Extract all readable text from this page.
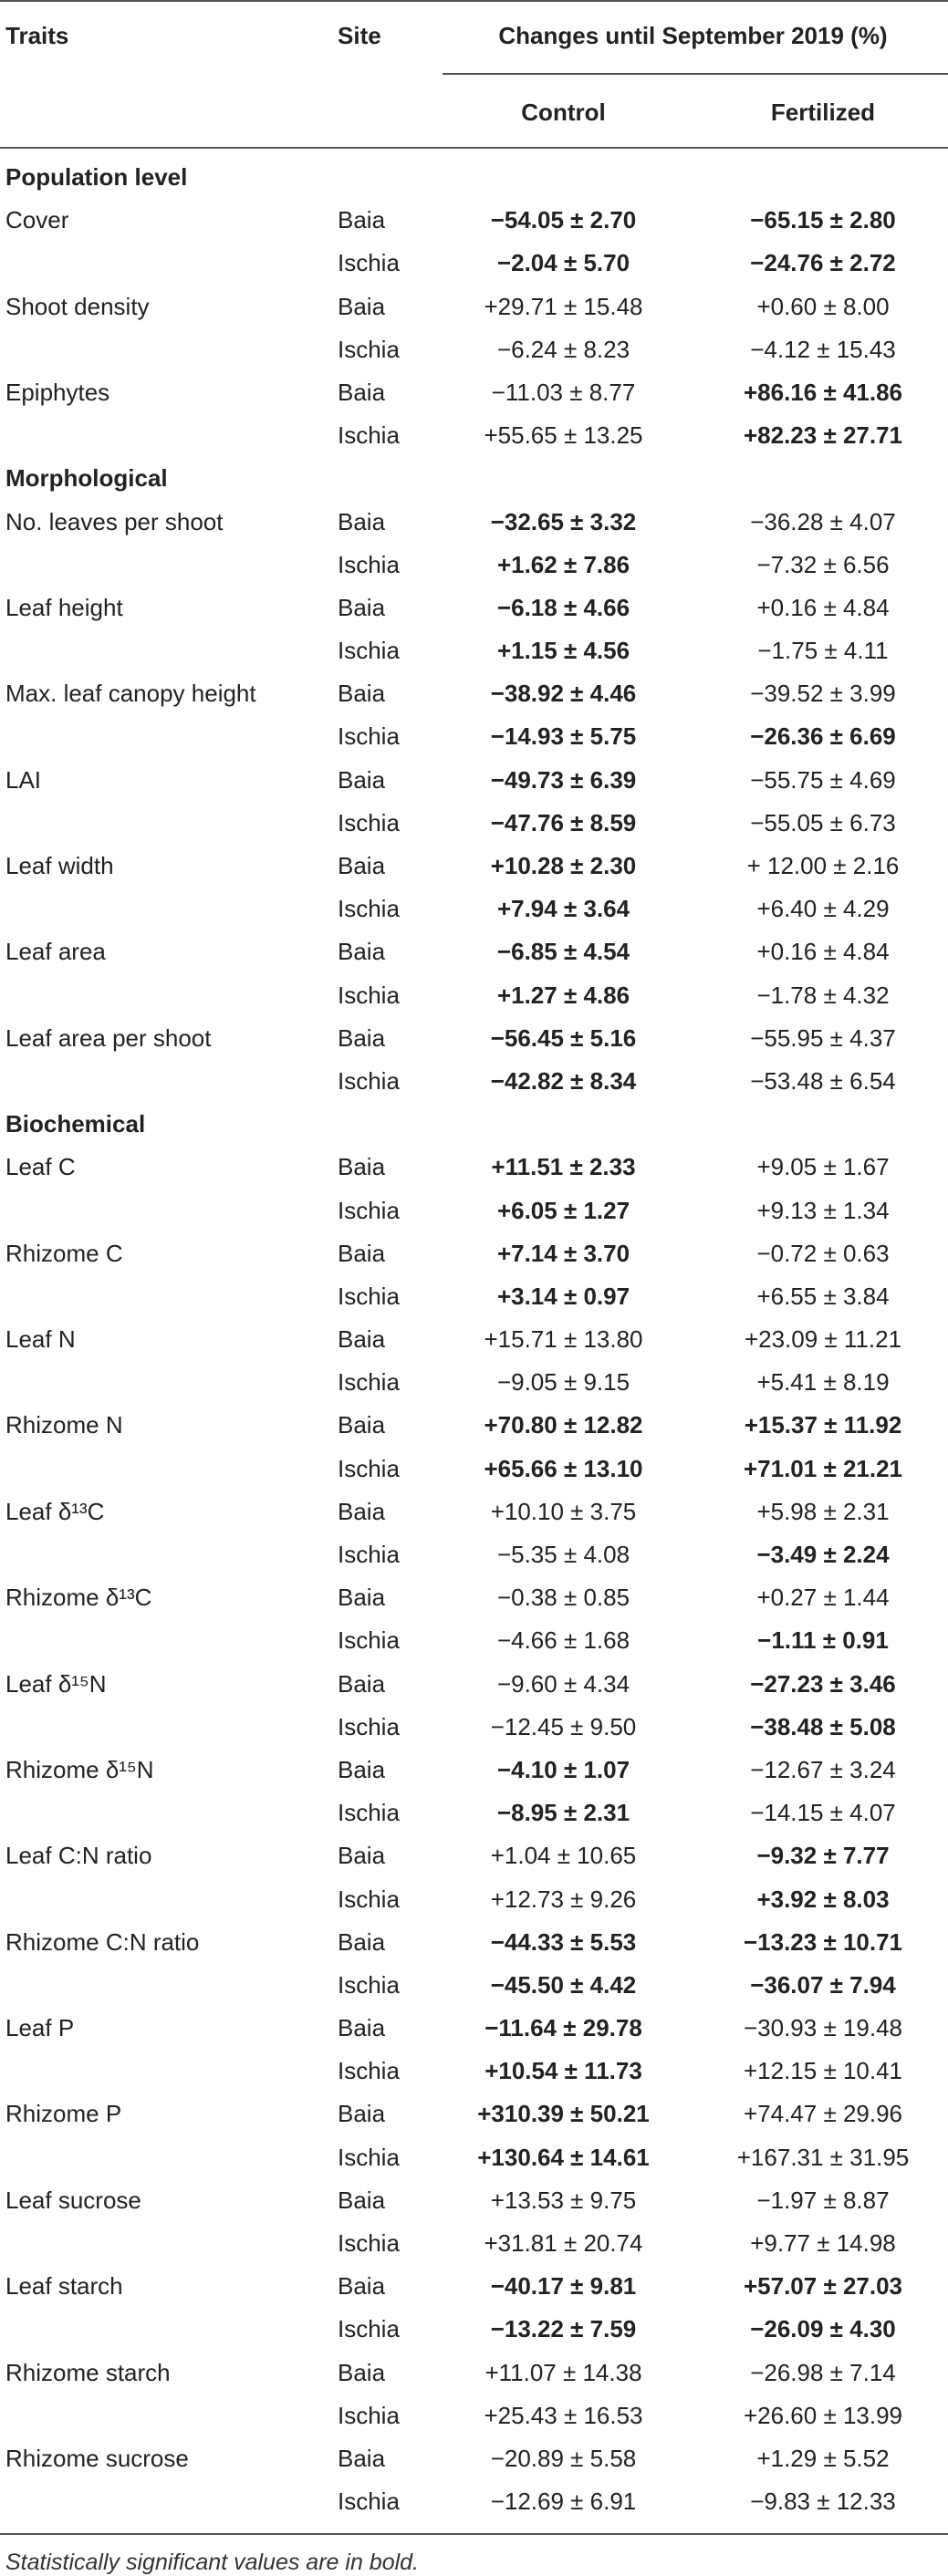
Traits	Site	Changes until September 2019 (%)
Control	Fertilized
Population level
Cover	Baia	−54.05 ± 2.70	−65.15 ± 2.80
Ischia	−2.04 ± 5.70	−24.76 ± 2.72
Shoot density	Baia	+29.71 ± 15.48	+0.60 ± 8.00
Ischia	−6.24 ± 8.23	−4.12 ± 15.43
Epiphytes	Baia	−11.03 ± 8.77	+86.16 ± 41.86
Ischia	+55.65 ± 13.25	+82.23 ± 27.71
Morphological
No. leaves per shoot	Baia	−32.65 ± 3.32	−36.28 ± 4.07
Ischia	+1.62 ± 7.86	−7.32 ± 6.56
Leaf height	Baia	−6.18 ± 4.66	+0.16 ± 4.84
Ischia	+1.15 ± 4.56	−1.75 ± 4.11
Max. leaf canopy height	Baia	−38.92 ± 4.46	−39.52 ± 3.99
Ischia	−14.93 ± 5.75	−26.36 ± 6.69
LAI	Baia	−49.73 ± 6.39	−55.75 ± 4.69
Ischia	−47.76 ± 8.59	−55.05 ± 6.73
Leaf width	Baia	+10.28 ± 2.30	+ 12.00 ± 2.16
Ischia	+7.94 ± 3.64	+6.40 ± 4.29
Leaf area	Baia	−6.85 ± 4.54	+0.16 ± 4.84
Ischia	+1.27 ± 4.86	−1.78 ± 4.32
Leaf area per shoot	Baia	−56.45 ± 5.16	−55.95 ± 4.37
Ischia	−42.82 ± 8.34	−53.48 ± 6.54
Biochemical
Leaf C	Baia	+11.51 ± 2.33	+9.05 ± 1.67
Ischia	+6.05 ± 1.27	+9.13 ± 1.34
Rhizome C	Baia	+7.14 ± 3.70	−0.72 ± 0.63
Ischia	+3.14 ± 0.97	+6.55 ± 3.84
Leaf N	Baia	+15.71 ± 13.80	+23.09 ± 11.21
Ischia	−9.05 ± 9.15	+5.41 ± 8.19
Rhizome N	Baia	+70.80 ± 12.82	+15.37 ± 11.92
Ischia	+65.66 ± 13.10	+71.01 ± 21.21
Leaf δ¹³C	Baia	+10.10 ± 3.75	+5.98 ± 2.31
Ischia	−5.35 ± 4.08	−3.49 ± 2.24
Rhizome δ¹³C	Baia	−0.38 ± 0.85	+0.27 ± 1.44
Ischia	−4.66 ± 1.68	−1.11 ± 0.91
Leaf δ¹⁵N	Baia	−9.60 ± 4.34	−27.23 ± 3.46
Ischia	−12.45 ± 9.50	−38.48 ± 5.08
Rhizome δ¹⁵N	Baia	−4.10 ± 1.07	−12.67 ± 3.24
Ischia	−8.95 ± 2.31	−14.15 ± 4.07
Leaf C:N ratio	Baia	+1.04 ± 10.65	−9.32 ± 7.77
Ischia	+12.73 ± 9.26	+3.92 ± 8.03
Rhizome C:N ratio	Baia	−44.33 ± 5.53	−13.23 ± 10.71
Ischia	−45.50 ± 4.42	−36.07 ± 7.94
Leaf P	Baia	−11.64 ± 29.78	−30.93 ± 19.48
Ischia	+10.54 ± 11.73	+12.15 ± 10.41
Rhizome P	Baia	+310.39 ± 50.21	+74.47 ± 29.96
Ischia	+130.64 ± 14.61	+167.31 ± 31.95
Leaf sucrose	Baia	+13.53 ± 9.75	−1.97 ± 8.87
Ischia	+31.81 ± 20.74	+9.77 ± 14.98
Leaf starch	Baia	−40.17 ± 9.81	+57.07 ± 27.03
Ischia	−13.22 ± 7.59	−26.09 ± 4.30
Rhizome starch	Baia	+11.07 ± 14.38	−26.98 ± 7.14
Ischia	+25.43 ± 16.53	+26.60 ± 13.99
Rhizome sucrose	Baia	−20.89 ± 5.58	+1.29 ± 5.52
Ischia	−12.69 ± 6.91	−9.83 ± 12.33
Statistically significant values are in bold.
